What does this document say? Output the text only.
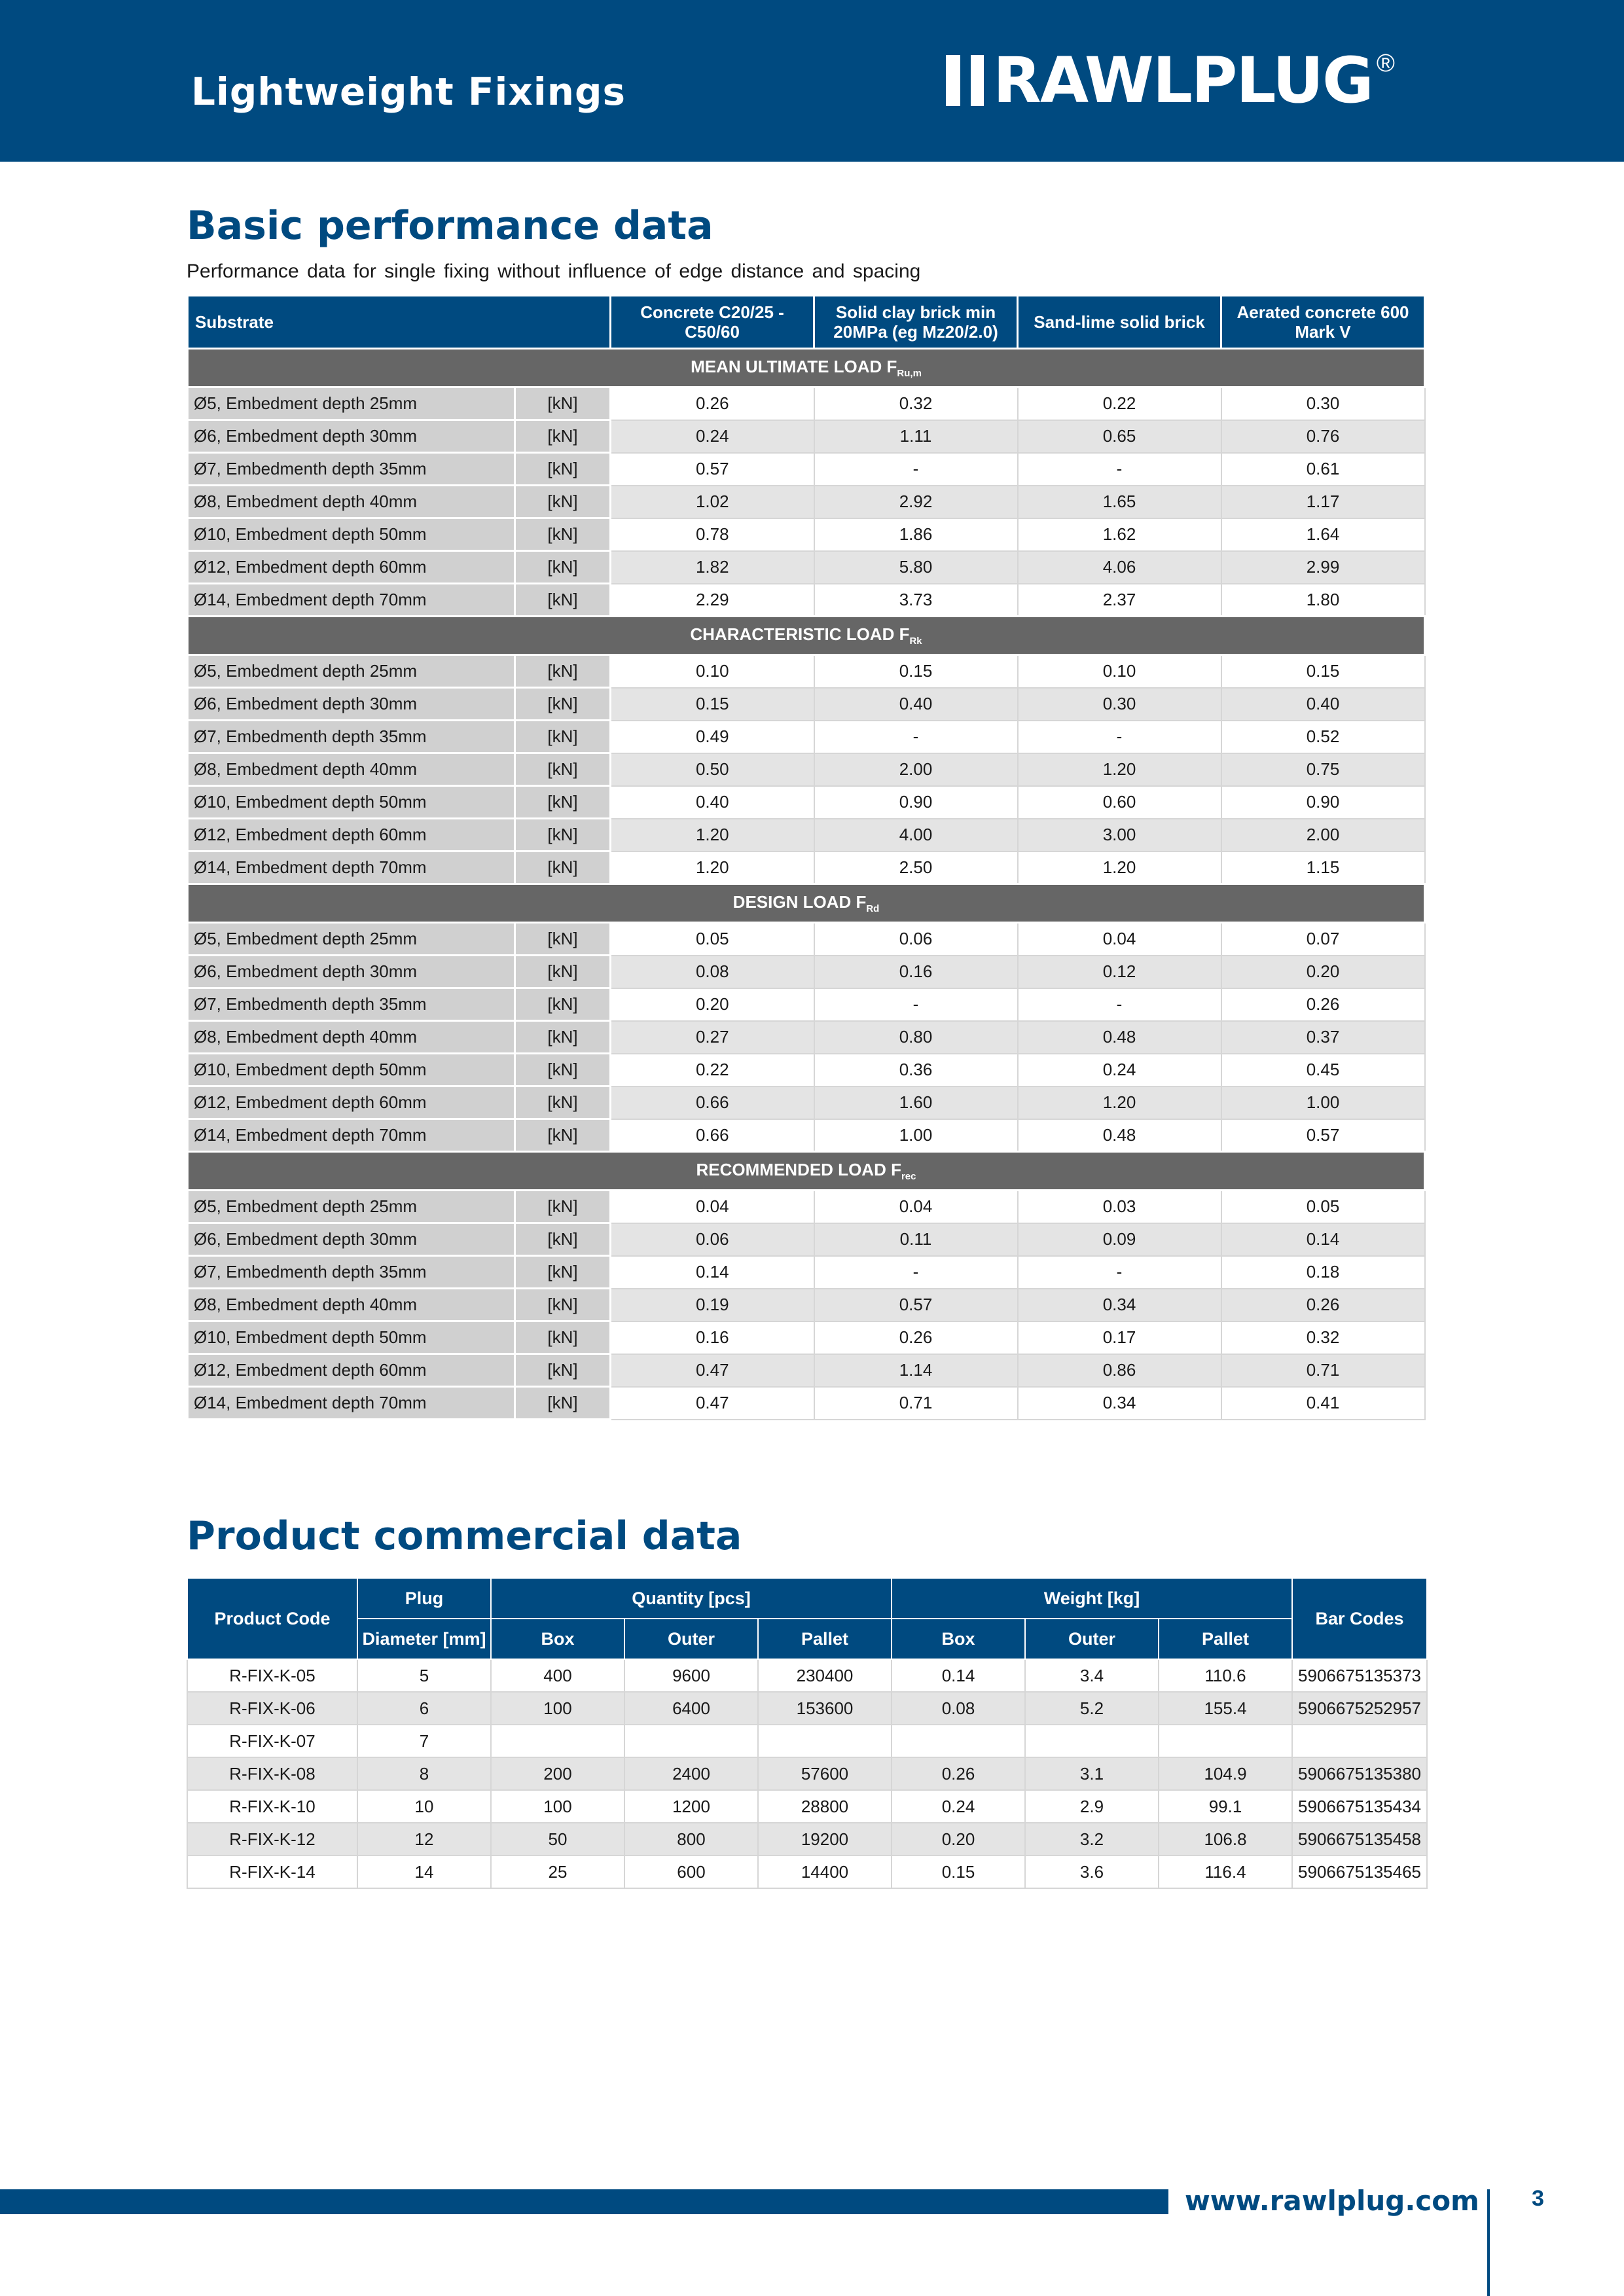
Lightweight Fixings	RAWLPLUG ®
Basic performance data
Performance data for single fixing without influence of edge distance and spacing
Substrate		Concrete C20/25 - C50/60	Solid clay brick min 20MPa (eg Mz20/2.0)	Sand-lime solid brick	Aerated concrete 600 Mark V
MEAN ULTIMATE LOAD $F_{Ru,m}$
Ø5, Embedment depth 25mm	[kN]	0.26	0.32	0.22	0.30
Ø6, Embedment depth 30mm	[kN]	0.24	1.11	0.65	0.76
Ø7, Embedmenth depth 35mm	[kN]	0.57	-	-	0.61
Ø8, Embedment depth 40mm	[kN]	1.02	2.92	1.65	1.17
Ø10, Embedment depth 50mm	[kN]	0.78	1.86	1.62	1.64
Ø12, Embedment depth 60mm	[kN]	1.82	5.80	4.06	2.99
Ø14, Embedment depth 70mm	[kN]	2.29	3.73	2.37	1.80
CHARACTERISTIC LOAD $F_{Rk}$
Ø5, Embedment depth 25mm	[kN]	0.10	0.15	0.10	0.15
Ø6, Embedment depth 30mm	[kN]	0.15	0.40	0.30	0.40
Ø7, Embedmenth depth 35mm	[kN]	0.49	-	-	0.52
Ø8, Embedment depth 40mm	[kN]	0.50	2.00	1.20	0.75
Ø10, Embedment depth 50mm	[kN]	0.40	0.90	0.60	0.90
Ø12, Embedment depth 60mm	[kN]	1.20	4.00	3.00	2.00
Ø14, Embedment depth 70mm	[kN]	1.20	2.50	1.20	1.15
DESIGN LOAD $F_{Rd}$
Ø5, Embedment depth 25mm	[kN]	0.05	0.06	0.04	0.07
Ø6, Embedment depth 30mm	[kN]	0.08	0.16	0.12	0.20
Ø7, Embedmenth depth 35mm	[kN]	0.20	-	-	0.26
Ø8, Embedment depth 40mm	[kN]	0.27	0.80	0.48	0.37
Ø10, Embedment depth 50mm	[kN]	0.22	0.36	0.24	0.45
Ø12, Embedment depth 60mm	[kN]	0.66	1.60	1.20	1.00
Ø14, Embedment depth 70mm	[kN]	0.66	1.00	0.48	0.57
RECOMMENDED LOAD $F_{rec}$
Ø5, Embedment depth 25mm	[kN]	0.04	0.04	0.03	0.05
Ø6, Embedment depth 30mm	[kN]	0.06	0.11	0.09	0.14
Ø7, Embedmenth depth 35mm	[kN]	0.14	-	-	0.18
Ø8, Embedment depth 40mm	[kN]	0.19	0.57	0.34	0.26
Ø10, Embedment depth 50mm	[kN]	0.16	0.26	0.17	0.32
Ø12, Embedment depth 60mm	[kN]	0.47	1.14	0.86	0.71
Ø14, Embedment depth 70mm	[kN]	0.47	0.71	0.34	0.41
Product commercial data
Product Code	Plug	Quantity [pcs]			Weight [kg]			Bar Codes
	Diameter [mm]	Box	Outer	Pallet	Box	Outer	Pallet	
R-FIX-K-05	5	400	9600	230400	0.14	3.4	110.6	5906675135373
R-FIX-K-06	6	100	6400	153600	0.08	5.2	155.4	5906675252957
R-FIX-K-07	7							
R-FIX-K-08	8	200	2400	57600	0.26	3.1	104.9	5906675135380
R-FIX-K-10	10	100	1200	28800	0.24	2.9	99.1	5906675135434
R-FIX-K-12	12	50	800	19200	0.20	3.2	106.8	5906675135458
R-FIX-K-14	14	25	600	14400	0.15	3.6	116.4	5906675135465
www.rawlplug.com 3
